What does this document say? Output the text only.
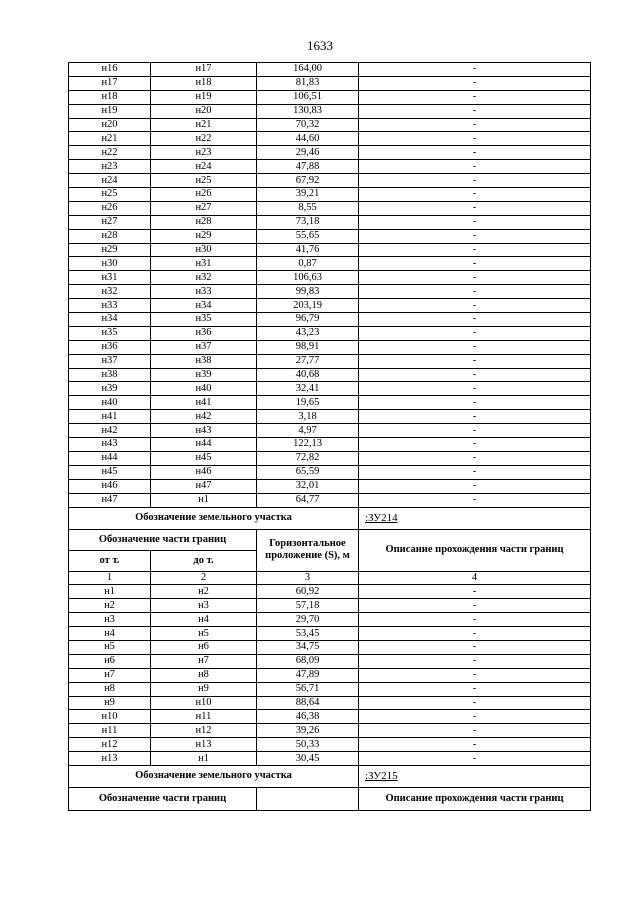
1633
н16	н17	164,00	-
н17	н18	81,83	-
н18	н19	106,51	-
н19	н20	130,83	-
н20	н21	70,32	-
н21	н22	44,60	-
н22	н23	29,46	-
н23	н24	47,88	-
н24	н25	67,92	-
н25	н26	39,21	-
н26	н27	8,55	-
н27	н28	73,18	-
н28	н29	55,65	-
н29	н30	41,76	-
н30	н31	0,87	-
н31	н32	106,63	-
н32	н33	99,83	-
н33	н34	203,19	-
н34	н35	96,79	-
н35	н36	43,23	-
н36	н37	98,91	-
н37	н38	27,77	-
н38	н39	40,68	-
н39	н40	32,41	-
н40	н41	19,65	-
н41	н42	3,18	-
н42	н43	4,97	-
н43	н44	122,13	-
н44	н45	72,82	-
н45	н46	65,59	-
н46	н47	32,01	-
н47	н1	64,77	-
Обозначение земельного участка			:ЗУ214
Обозначение части границ		Горизонтальное проложение (S), м	Описание прохождения части границ
от т.	до т.		
1	2	3	4
н1	н2	60,92	-
н2	н3	57,18	-
н3	н4	29,70	-
н4	н5	53,45	-
н5	н6	34,75	-
н6	н7	68,09	-
н7	н8	47,89	-
н8	н9	56,71	-
н9	н10	88,64	-
н10	н11	46,38	-
н11	н12	39,26	-
н12	н13	50,33	-
н13	н1	30,45	-
Обозначение земельного участка			:ЗУ215
Обозначение части границ			Описание прохождения части границ
